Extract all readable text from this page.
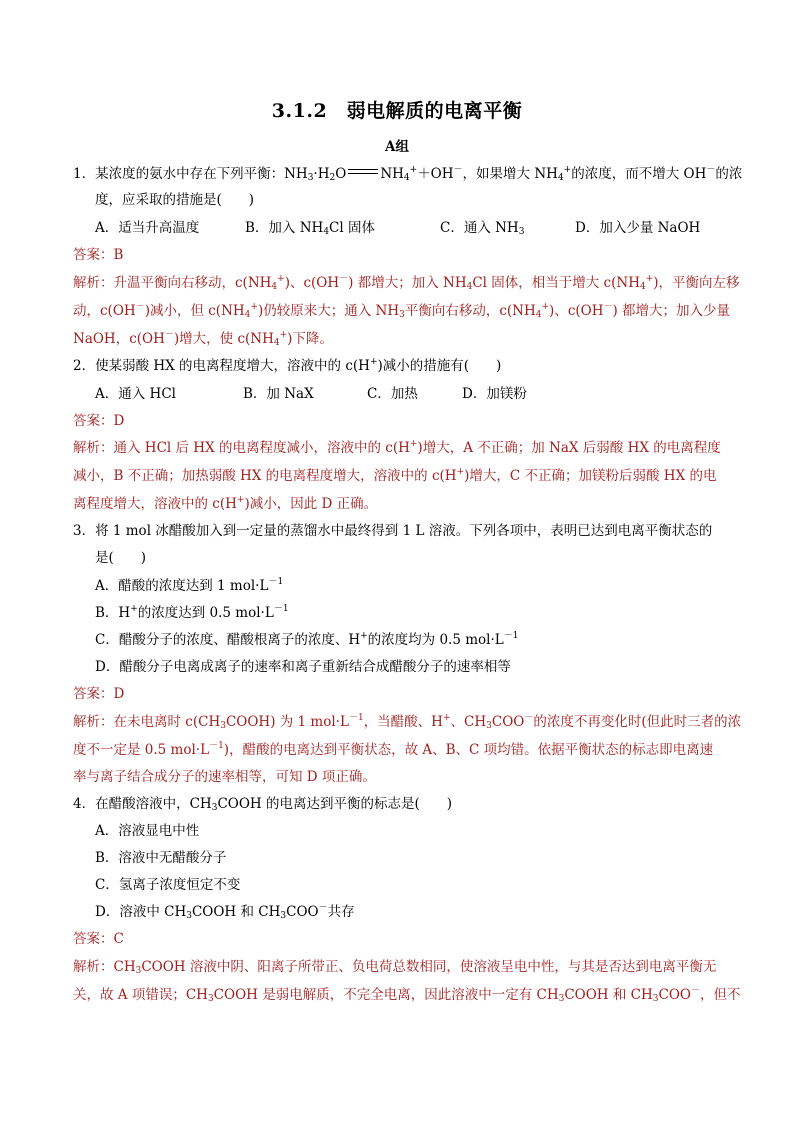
3.1.2　弱电解质的电离平衡
A组
1．某浓度的氨水中存在下列平衡：$NH_3\cdot H_2O$	$NH_4^++OH^-$，如果增大 $NH_4^+$的浓度，而不增大 OH－的浓
度，应采取的措施是(　　)
A．适当升高温度	B．加入 $NH_4Cl$ 固体	C．通入 $NH_3$	D．加入少量 NaOH
答案：B
解析：升温平衡向右移动，$c(NH_4^+)$、c(OH－) 都增大；加入 $NH_4Cl$ 固体，相当于增大 $c(NH_4^+)$，平衡向左移
动，c(OH－)减小，但 $c(NH_4^+)$仍较原来大；通入 $NH_3$平衡向右移动，$c(NH_4^+)$、c(OH－) 都增大；加入少量
NaOH，c(OH－)增大，使 $c(NH_4^+)$下降。
2．使某弱酸 HX 的电离程度增大，溶液中的 c(H+)减小的措施有(　　)
A．通入 HCl	B．加 NaX	C．加热	D．加镁粉
答案：D
解析：通入 HCl 后 HX 的电离程度减小，溶液中的 c(H+)增大，A 不正确；加 NaX 后弱酸 HX 的电离程度
减小，B 不正确；加热弱酸 HX 的电离程度增大，溶液中的 c(H+)增大，C 不正确；加镁粉后弱酸 HX 的电
离程度增大，溶液中的 c(H+)减小，因此 D 正确。
3．将 1 mol 冰醋酸加入到一定量的蒸馏水中最终得到 1 L 溶液。下列各项中，表明已达到电离平衡状态的
是(　　)
A．醋酸的浓度达到 1 $mol\cdot L^{-1}$
B．H+的浓度达到 0.5 $mol\cdot L^{-1}$
C．醋酸分子的浓度、醋酸根离子的浓度、H+的浓度均为 0.5 $mol\cdot L^{-1}$
D．醋酸分子电离成离子的速率和离子重新结合成醋酸分子的速率相等
答案：D
解析：在未电离时 $c(CH_3COOH)$ 为 1 $mol\cdot L^{-1}$，当醋酸、H+、$CH_3COO^-$的浓度不再变化时(但此时三者的浓
度不一定是 0.5 $mol\cdot L^{-1}$)，醋酸的电离达到平衡状态，故 A、B、C 项均错。依据平衡状态的标志即电离速
率与离子结合成分子的速率相等，可知 D 项正确。
4．在醋酸溶液中，$CH_3COOH$ 的电离达到平衡的标志是(　　)
A．溶液显电中性
B．溶液中无醋酸分子
C．氢离子浓度恒定不变
D．溶液中 $CH_3COOH$ 和 $CH_3COO^-$共存
答案：C
解析：$CH_3COOH$ 溶液中阴、阳离子所带正、负电荷总数相同，使溶液呈电中性，与其是否达到电离平衡无
关，故 A 项错误；$CH_3COOH$ 是弱电解质，不完全电离，因此溶液中一定有 $CH_3COOH$ 和 $CH_3COO^-$，但不
